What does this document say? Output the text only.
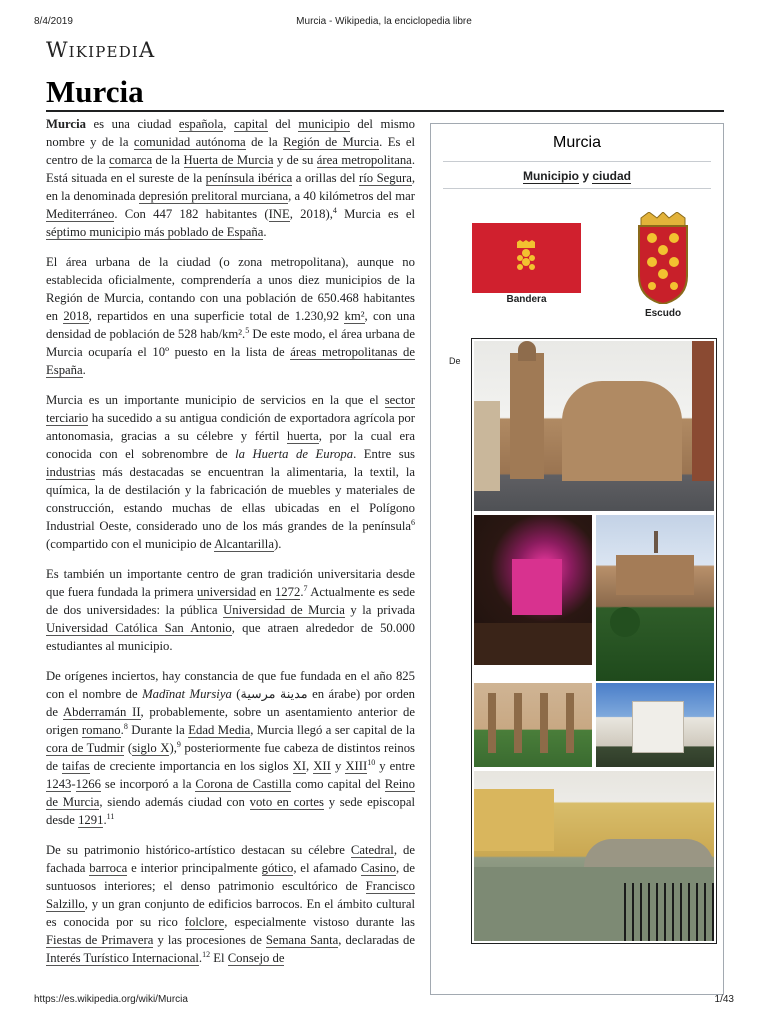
8/4/2019	Murcia - Wikipedia, la enciclopedia libre
WIKIPEDIA
Murcia

Murcia es una ciudad española, capital del municipio del mismo nombre y de la comunidad autónoma de la Región de Murcia. Es el centro de la comarca de la Huerta de Murcia y de su área metropolitana. Está situada en el sureste de la península ibérica a orillas del río Segura, en la denominada depresión prelitoral murciana, a 40 kilómetros del mar Mediterráneo. Con 447 182 habitantes (INE, 2018),$^4$ Murcia es el séptimo municipio más poblado de España.

El área urbana de la ciudad (o zona metropolitana), aunque no establecida oficialmente, comprendería a unos diez municipios de la Región de Murcia, contando con una población de 650.468 habitantes en 2018, repartidos en una superficie total de 1.230,92 km², con una densidad de población de 528 hab/km².$^5$ De este modo, el área urbana de Murcia ocuparía el 10º puesto en la lista de áreas metropolitanas de España.

Murcia es un importante municipio de servicios en la que el sector terciario ha sucedido a su antigua condición de exportadora agrícola por antonomasia, gracias a su célebre y fértil huerta, por la cual era conocida con el sobrenombre de la Huerta de Europa. Entre sus industrias más destacadas se encuentran la alimentaria, la textil, la química, la de destilación y la fabricación de muebles y materiales de construcción, estando muchas de ellas ubicadas en el Polígono Industrial Oeste, considerado uno de los más grandes de la península$^6$ (compartido con el municipio de Alcantarilla).

Es también un importante centro de gran tradición universitaria desde que fuera fundada la primera universidad en 1272.$^7$ Actualmente es sede de dos universidades: la pública Universidad de Murcia y la privada Universidad Católica San Antonio, que atraen alrededor de 50.000 estudiantes al municipio.

De orígenes inciertos, hay constancia de que fue fundada en el año 825 con el nombre de Madīnat Mursiya (مدينة مرسية en árabe) por orden de Abderramán II, probablemente, sobre un asentamiento anterior de origen romano.$^8$ Durante la Edad Media, Murcia llegó a ser capital de la cora de Tudmir (siglo X),$^9$ posteriormente fue cabeza de distintos reinos de taifas de creciente importancia en los siglos XI, XII y XIII$^{10}$ y entre 1243-1266 se incorporó a la Corona de Castilla como capital del Reino de Murcia, siendo además ciudad con voto en cortes y sede episcopal desde 1291.11

De su patrimonio histórico-artístico destacan su célebre Catedral, de fachada barroca e interior principalmente gótico, el afamado Casino, de suntuosos interiores; el denso patrimonio escultórico de Francisco Salzillo, y un gran conjunto de edificios barrocos. En el ámbito cultural es conocida por su rico folclore, especialmente vistoso durante las Fiestas de Primavera y las procesiones de Semana Santa, declaradas de Interés Turístico Internacional.$^{12}$ El Consejo de

Murcia
Municipio y ciudad
Bandera
Escudo
De
https://es.wikipedia.org/wiki/Murcia	1/43
